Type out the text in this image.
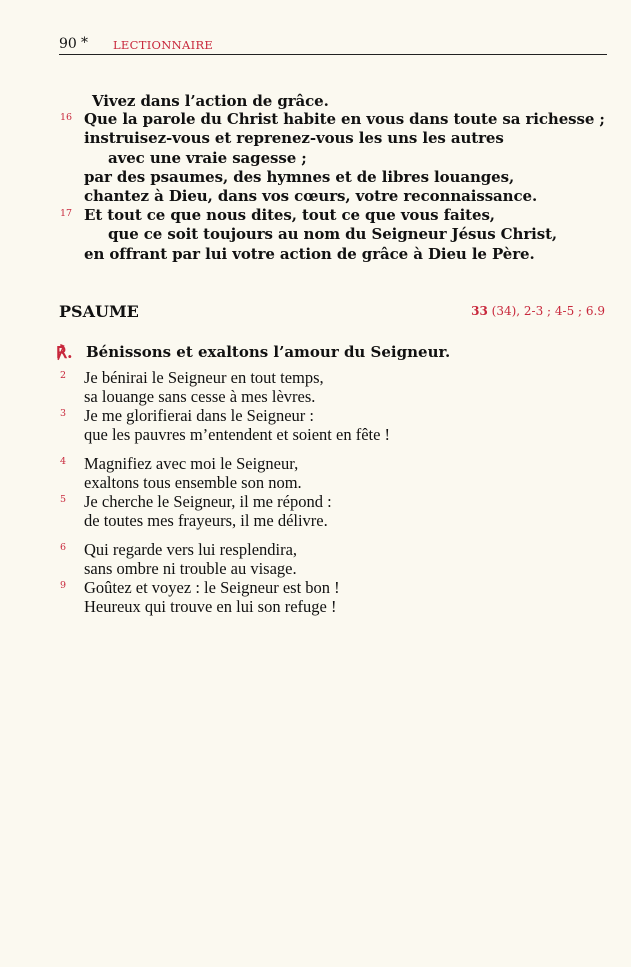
90 * LECTIONNAIRE
Vivez dans l’action de grâce.
16 Que la parole du Christ habite en vous dans toute sa richesse ;
instruisez-vous et reprenez-vous les uns les autres
avec une vraie sagesse ;
par des psaumes, des hymnes et de libres louanges,
chantez à Dieu, dans vos cœurs, votre reconnaissance.
17 Et tout ce que nous dites, tout ce que vous faites,
que ce soit toujours au nom du Seigneur Jésus Christ,
en offrant par lui votre action de grâce à Dieu le Père.
PSAUME	33 (34), 2-3 ; 4-5 ; 6.9
℟. Bénissons et exaltons l’amour du Seigneur.
2 Je bénirai le Seigneur en tout temps,
sa louange sans cesse à mes lèvres.
3 Je me glorifierai dans le Seigneur :
que les pauvres m’entendent et soient en fête !
4 Magnifiez avec moi le Seigneur,
exaltons tous ensemble son nom.
5 Je cherche le Seigneur, il me répond :
de toutes mes frayeurs, il me délivre.
6 Qui regarde vers lui resplendira,
sans ombre ni trouble au visage.
9 Goûtez et voyez : le Seigneur est bon !
Heureux qui trouve en lui son refuge !
